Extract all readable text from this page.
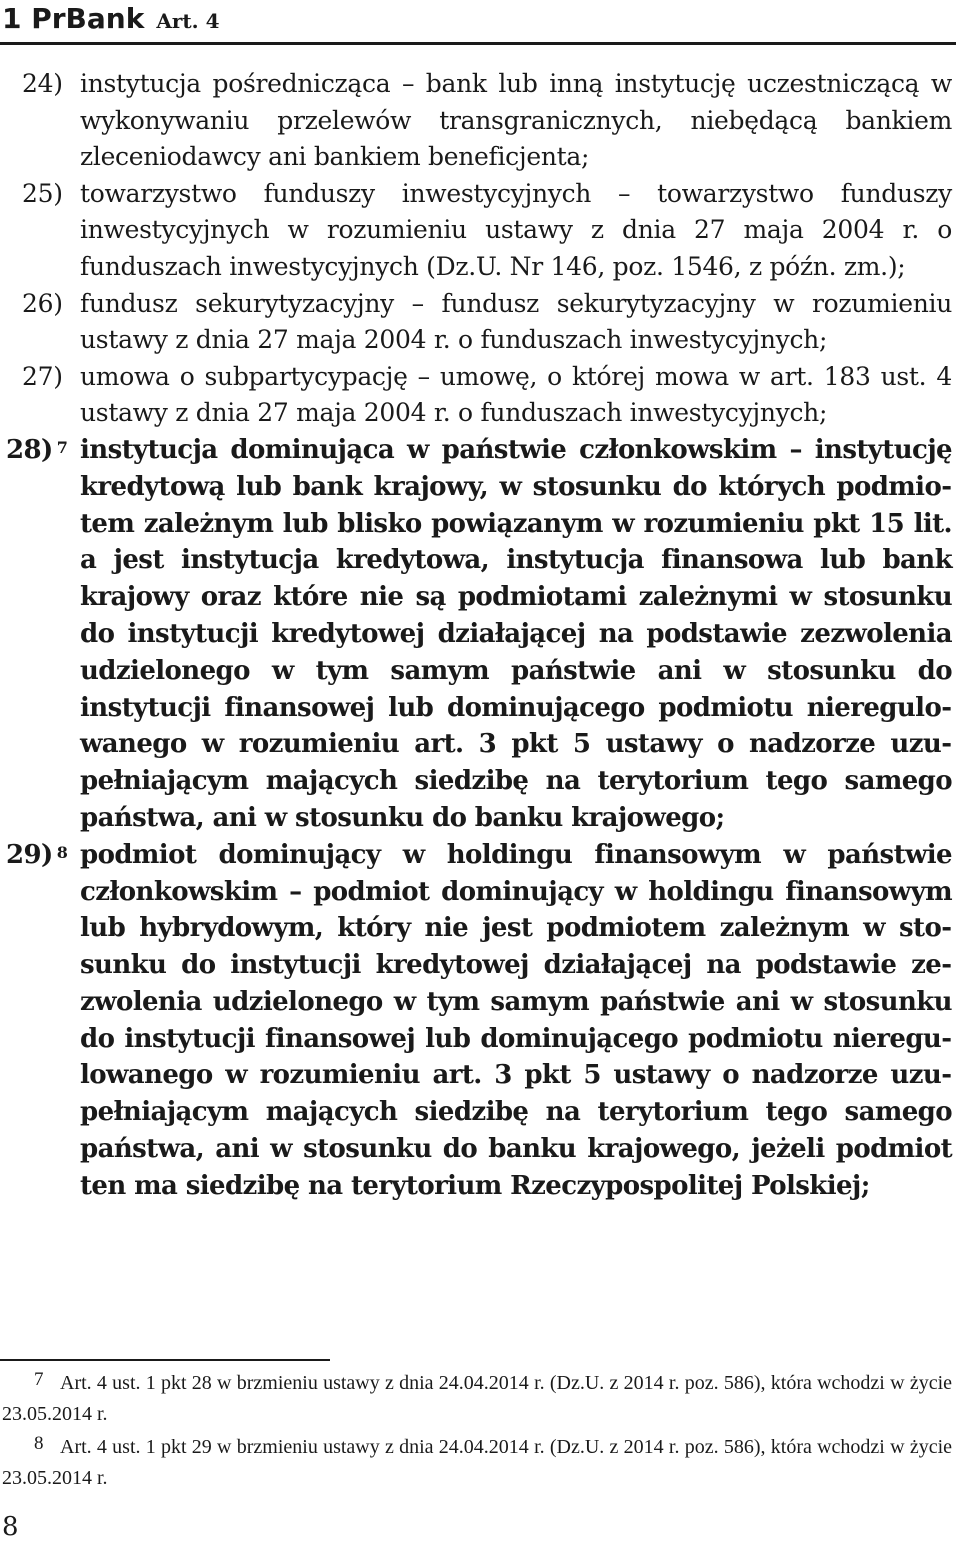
1 PrBank Art. 4
24) instytucja pośrednicząca – bank lub inną instytucję uczestniczącą w wykonywaniu przelewów transgranicznych, niebędącą bankiem zleceniodawcy ani bankiem beneficjenta;
25) towarzystwo funduszy inwestycyjnych – towarzystwo funduszy inwestycyjnych w rozumieniu ustawy z dnia 27 maja 2004 r. o funduszach inwestycyjnych (Dz.U. Nr 146, poz. 1546, z późn. zm.);
26) fundusz sekurytyzacyjny – fundusz sekurytyzacyjny w rozumieniu ustawy z dnia 27 maja 2004 r. o funduszach inwestycyjnych;
27) umowa o subpartycypację – umowę, o której mowa w art. 183 ust. 4 ustawy z dnia 27 maja 2004 r. o funduszach inwestycyjnych;
28) $^7$ instytucja dominująca w państwie członkowskim – instytucję kredytową lub bank krajowy, w stosunku do których podmiotem zależnym lub blisko powiązanym w rozumieniu pkt 15 lit. a jest instytucja kredytowa, instytucja finansowa lub bank krajowy oraz które nie są podmiotami zależnymi w stosunku do instytucji kredytowej działającej na podstawie zezwolenia udzielonego w tym samym państwie ani w stosunku do instytucji finansowej lub dominującego podmiotu nieregulowanego w rozumieniu art. 3 pkt 5 ustawy o nadzorze uzupełniającym mających siedzibę na terytorium tego samego państwa, ani w stosunku do banku krajowego;
29) $^8$ podmiot dominujący w holdingu finansowym w państwie członkowskim – podmiot dominujący w holdingu finansowym lub hybrydowym, który nie jest podmiotem zależnym w stosunku do instytucji kredytowej działającej na podstawie zezwolenia udzielonego w tym samym państwie ani w stosunku do instytucji finansowej lub dominującego podmiotu nieregulowanego w rozumieniu art. 3 pkt 5 ustawy o nadzorze uzupełniającym mających siedzibę na terytorium tego samego państwa, ani w stosunku do banku krajowego, jeżeli podmiot ten ma siedzibę na terytorium Rzeczypospolitej Polskiej;
7 Art. 4 ust. 1 pkt 28 w brzmieniu ustawy z dnia 24.04.2014 r. (Dz.U. z 2014 r. poz. 586), która wchodzi w życie 23.05.2014 r.
8 Art. 4 ust. 1 pkt 29 w brzmieniu ustawy z dnia 24.04.2014 r. (Dz.U. z 2014 r. poz. 586), która wchodzi w życie 23.05.2014 r.
8
